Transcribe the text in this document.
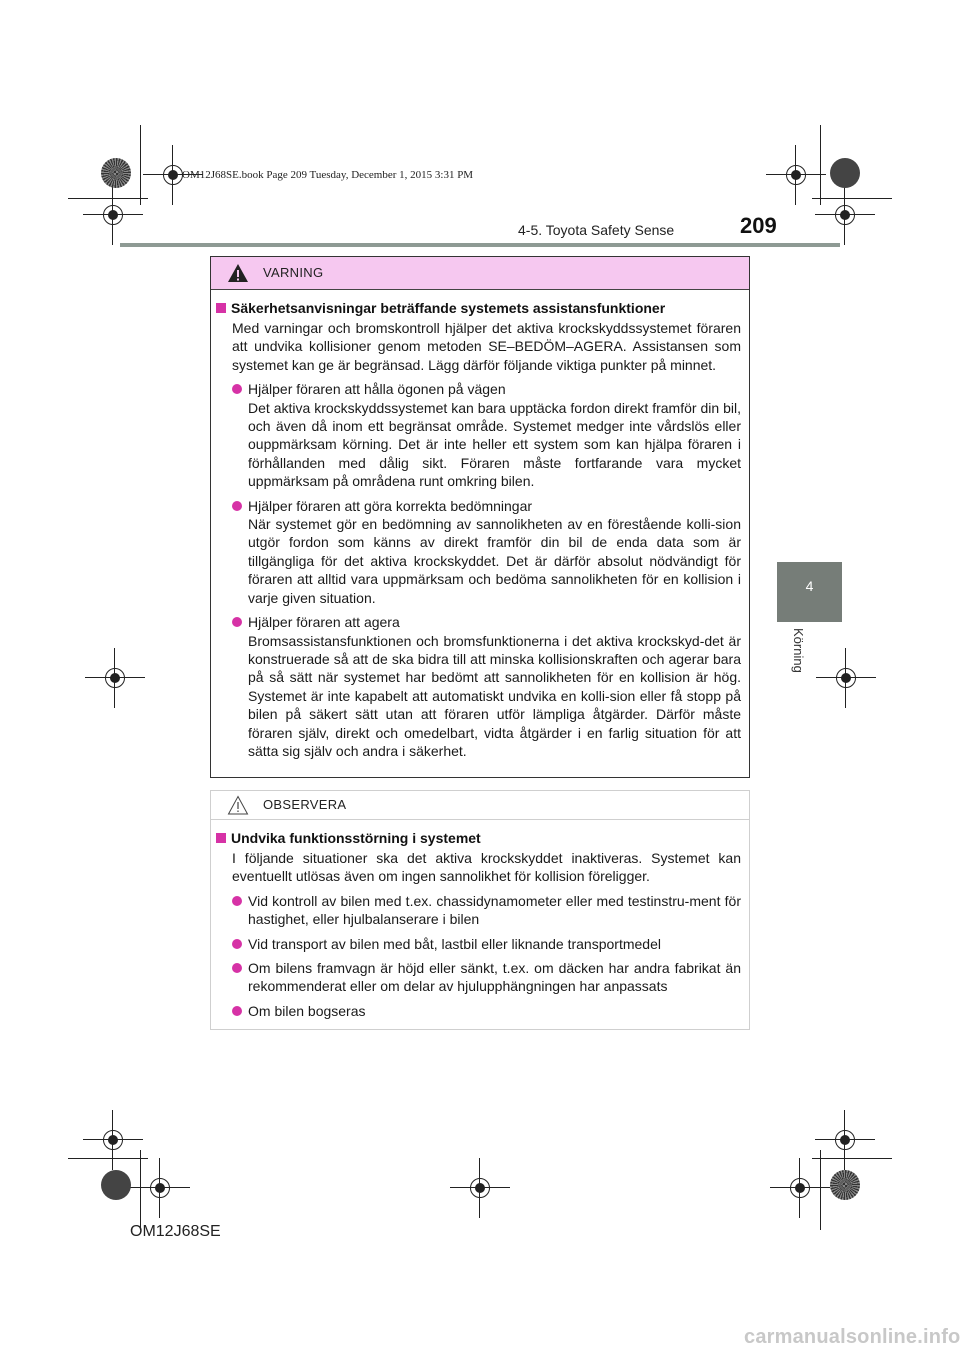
OM12J68SE.book Page 209 Tuesday, December 1, 2015 3:31 PM
209
4-5. Toyota Safety Sense
4
Körning
VARNING
Säkerhetsanvisningar beträffande systemets assistansfunktioner
Med varningar och bromskontroll hjälper det aktiva krockskyddssystemet föraren att undvika kollisioner genom metoden SE–BEDÖM–AGERA. Assistansen som systemet kan ge är begränsad. Lägg därför följande viktiga punkter på minnet.
Hjälper föraren att hålla ögonen på vägen
Det aktiva krockskyddssystemet kan bara upptäcka fordon direkt framför din bil, och även då inom ett begränsat område. Systemet medger inte vårdslös eller ouppmärksam körning. Det är inte heller ett system som kan hjälpa föraren i förhållanden med dålig sikt. Föraren måste fortfarande vara mycket uppmärksam på områdena runt omkring bilen.
Hjälper föraren att göra korrekta bedömningar
När systemet gör en bedömning av sannolikheten av en förestående kolli-sion utgör fordon som känns av direkt framför din bil de enda data som är tillgängliga för det aktiva krockskyddet. Det är därför absolut nödvändigt för föraren att alltid vara uppmärksam och bedöma sannolikheten för en kollision i varje given situation.
Hjälper föraren att agera
Bromsassistansfunktionen och bromsfunktionerna i det aktiva krockskyd-det är konstruerade så att de ska bidra till att minska kollisionskraften och agerar bara på så sätt när systemet har bedömt att sannolikheten för en kollision är hög. Systemet är inte kapabelt att automatiskt undvika en kolli-sion eller få stopp på bilen på säkert sätt utan att föraren utför lämpliga åtgärder. Därför måste föraren själv, direkt och omedelbart, vidta åtgärder i en farlig situation för att sätta sig själv och andra i säkerhet.
OBSERVERA
Undvika funktionsstörning i systemet
I följande situationer ska det aktiva krockskyddet inaktiveras. Systemet kan eventuellt utlösas även om ingen sannolikhet för kollision föreligger.
Vid kontroll av bilen med t.ex. chassidynamometer eller med testinstru-ment för hastighet, eller hjulbalanserare i bilen
Vid transport av bilen med båt, lastbil eller liknande transportmedel
Om bilens framvagn är höjd eller sänkt, t.ex. om däcken har andra fabrikat än rekommenderat eller om delar av hjulupphängningen har anpassats
Om bilen bogseras
OM12J68SE
carmanualsonline.info
